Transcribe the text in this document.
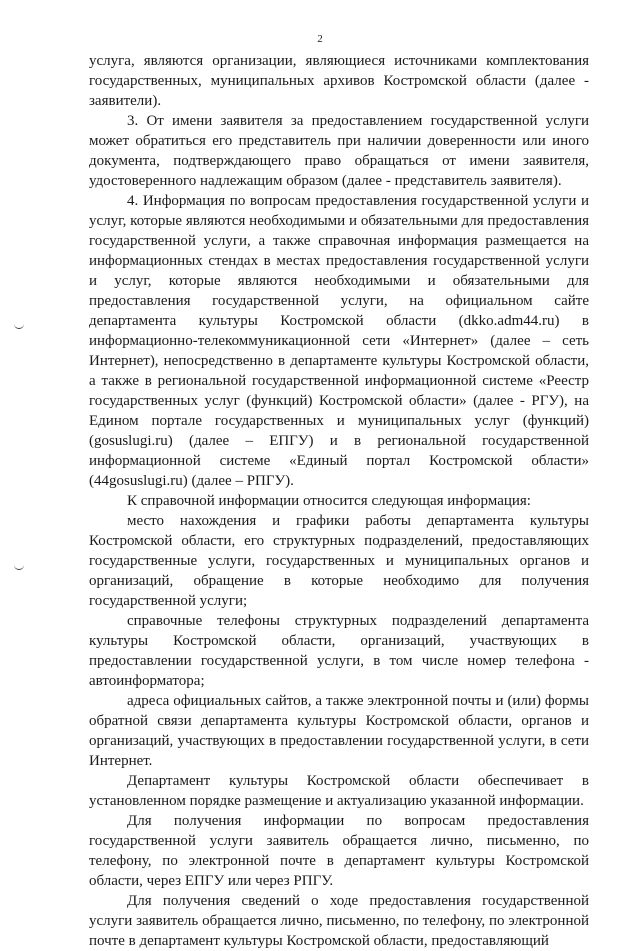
2

услуга, являются организации, являющиеся источниками комплектования государственных, муниципальных архивов Костромской области (далее - заявители).

3. От имени заявителя за предоставлением государственной услуги может обратиться его представитель при наличии доверенности или иного документа, подтверждающего право обращаться от имени заявителя, удостоверенного надлежащим образом (далее - представитель заявителя).

4. Информация по вопросам предоставления государственной услуги и услуг, которые являются необходимыми и обязательными для предоставления государственной услуги, а также справочная информация размещается на информационных стендах в местах предоставления государственной услуги и услуг, которые являются необходимыми и обязательными для предоставления государственной услуги, на официальном сайте департамента культуры Костромской области (dkko.adm44.ru) в информационно-телекоммуникационной сети «Интернет» (далее – сеть Интернет), непосредственно в департаменте культуры Костромской области, а также в региональной государственной информационной системе «Реестр государственных услуг (функций) Костромской области» (далее - РГУ), на Едином портале государственных и муниципальных услуг (функций) (gosuslugi.ru) (далее – ЕПГУ) и в региональной государственной информационной системе «Единый портал Костромской области» (44gosuslugi.ru) (далее – РПГУ).

К справочной информации относится следующая информация:

место нахождения и графики работы департамента культуры Костромской области, его структурных подразделений, предоставляющих государственные услуги, государственных и муниципальных органов и организаций, обращение в которые необходимо для получения государственной услуги;

справочные телефоны структурных подразделений департамента культуры Костромской области, организаций, участвующих в предоставлении государственной услуги, в том числе номер телефона - автоинформатора;

адреса официальных сайтов, а также электронной почты и (или) формы обратной связи департамента культуры Костромской области, органов и организаций, участвующих в предоставлении государственной услуги, в сети Интернет.

Департамент культуры Костромской области обеспечивает в установленном порядке размещение и актуализацию указанной информации.

Для получения информации по вопросам предоставления государственной услуги заявитель обращается лично, письменно, по телефону, по электронной почте в департамент культуры Костромской области, через ЕПГУ или через РПГУ.

Для получения сведений о ходе предоставления государственной услуги заявитель обращается лично, письменно, по телефону, по электронной почте в департамент культуры Костромской области, предоставляющий
